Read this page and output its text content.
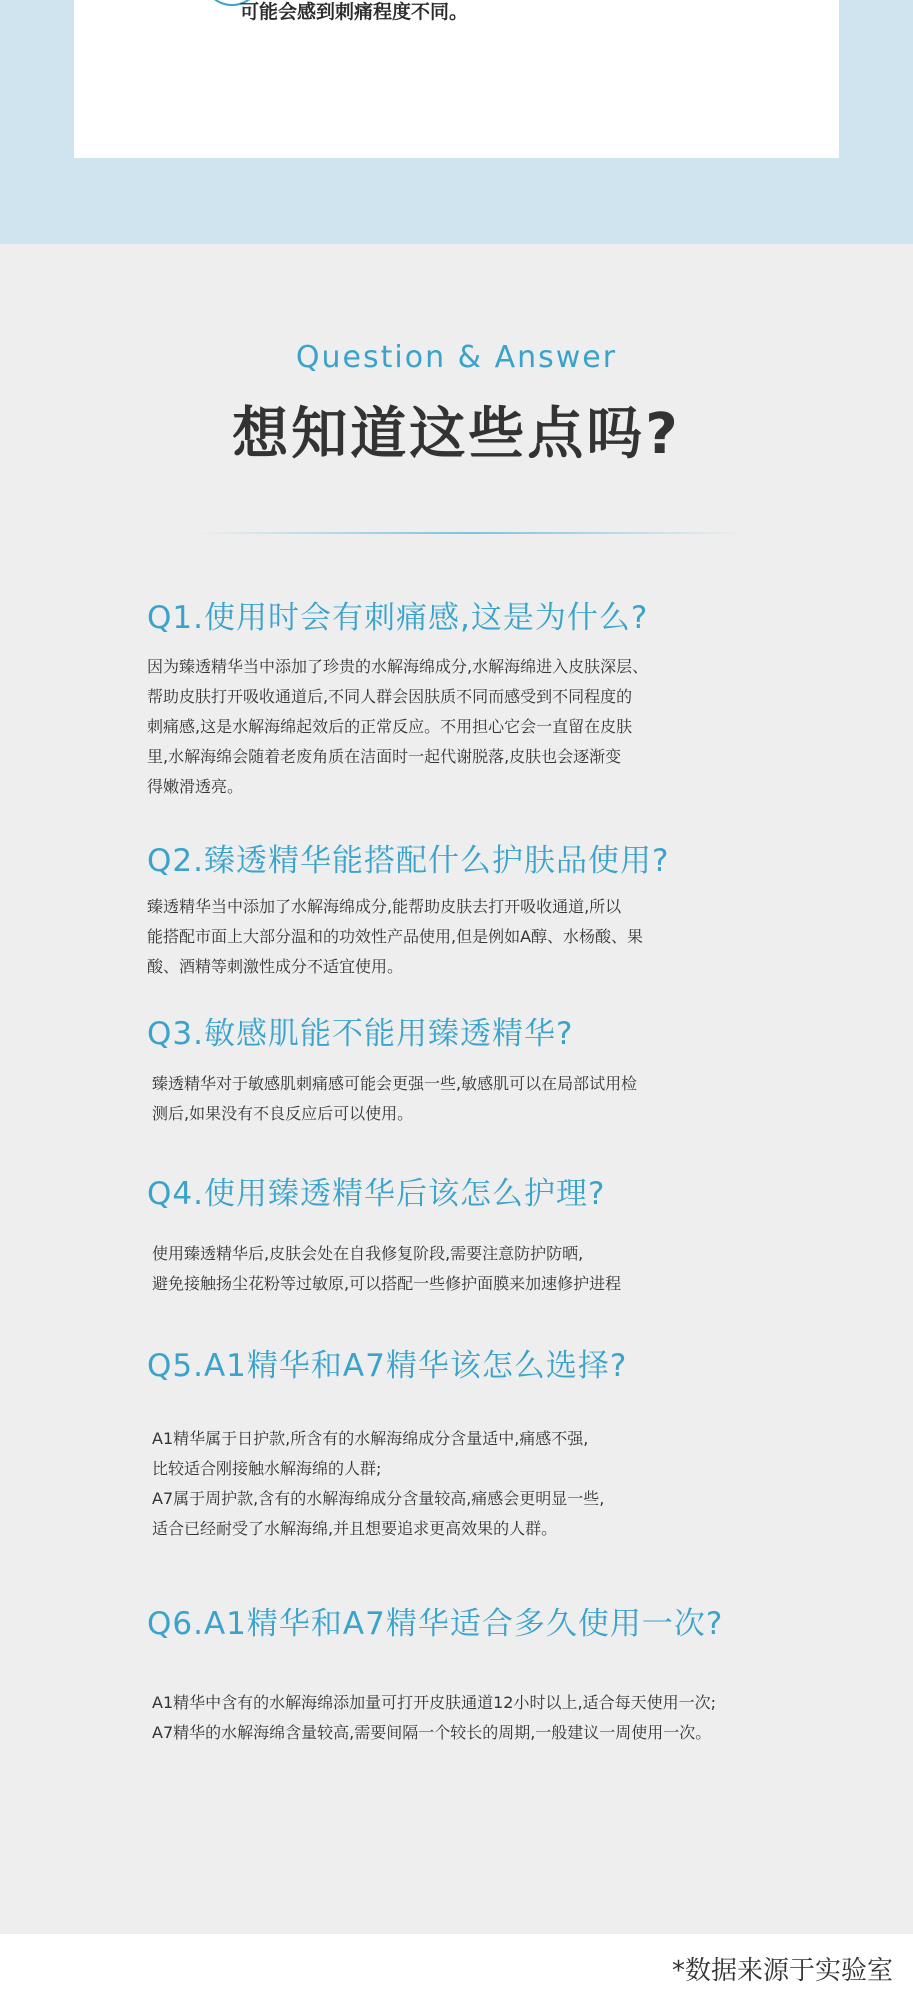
可能会感到刺痛程度不同。
Question & Answer
想知道这些点吗?
Q1.使用时会有刺痛感,这是为什么?
因为臻透精华当中添加了珍贵的水解海绵成分,水解海绵进入皮肤深层、
帮助皮肤打开吸收通道后,不同人群会因肤质不同而感受到不同程度的
刺痛感,这是水解海绵起效后的正常反应。不用担心它会一直留在皮肤
里,水解海绵会随着老废角质在洁面时一起代谢脱落,皮肤也会逐渐变
得嫩滑透亮。
Q2.臻透精华能搭配什么护肤品使用?
臻透精华当中添加了水解海绵成分,能帮助皮肤去打开吸收通道,所以
能搭配市面上大部分温和的功效性产品使用,但是例如A醇、水杨酸、果
酸、酒精等刺激性成分不适宜使用。
Q3.敏感肌能不能用臻透精华?
臻透精华对于敏感肌刺痛感可能会更强一些,敏感肌可以在局部试用检
测后,如果没有不良反应后可以使用。
Q4.使用臻透精华后该怎么护理?
使用臻透精华后,皮肤会处在自我修复阶段,需要注意防护防晒,
避免接触扬尘花粉等过敏原,可以搭配一些修护面膜来加速修护进程
Q5.A1精华和A7精华该怎么选择?
A1精华属于日护款,所含有的水解海绵成分含量适中,痛感不强,
比较适合刚接触水解海绵的人群;
A7属于周护款,含有的水解海绵成分含量较高,痛感会更明显一些,
适合已经耐受了水解海绵,并且想要追求更高效果的人群。
Q6.A1精华和A7精华适合多久使用一次?
A1精华中含有的水解海绵添加量可打开皮肤通道12小时以上,适合每天使用一次;
A7精华的水解海绵含量较高,需要间隔一个较长的周期,一般建议一周使用一次。
*数据来源于实验室
